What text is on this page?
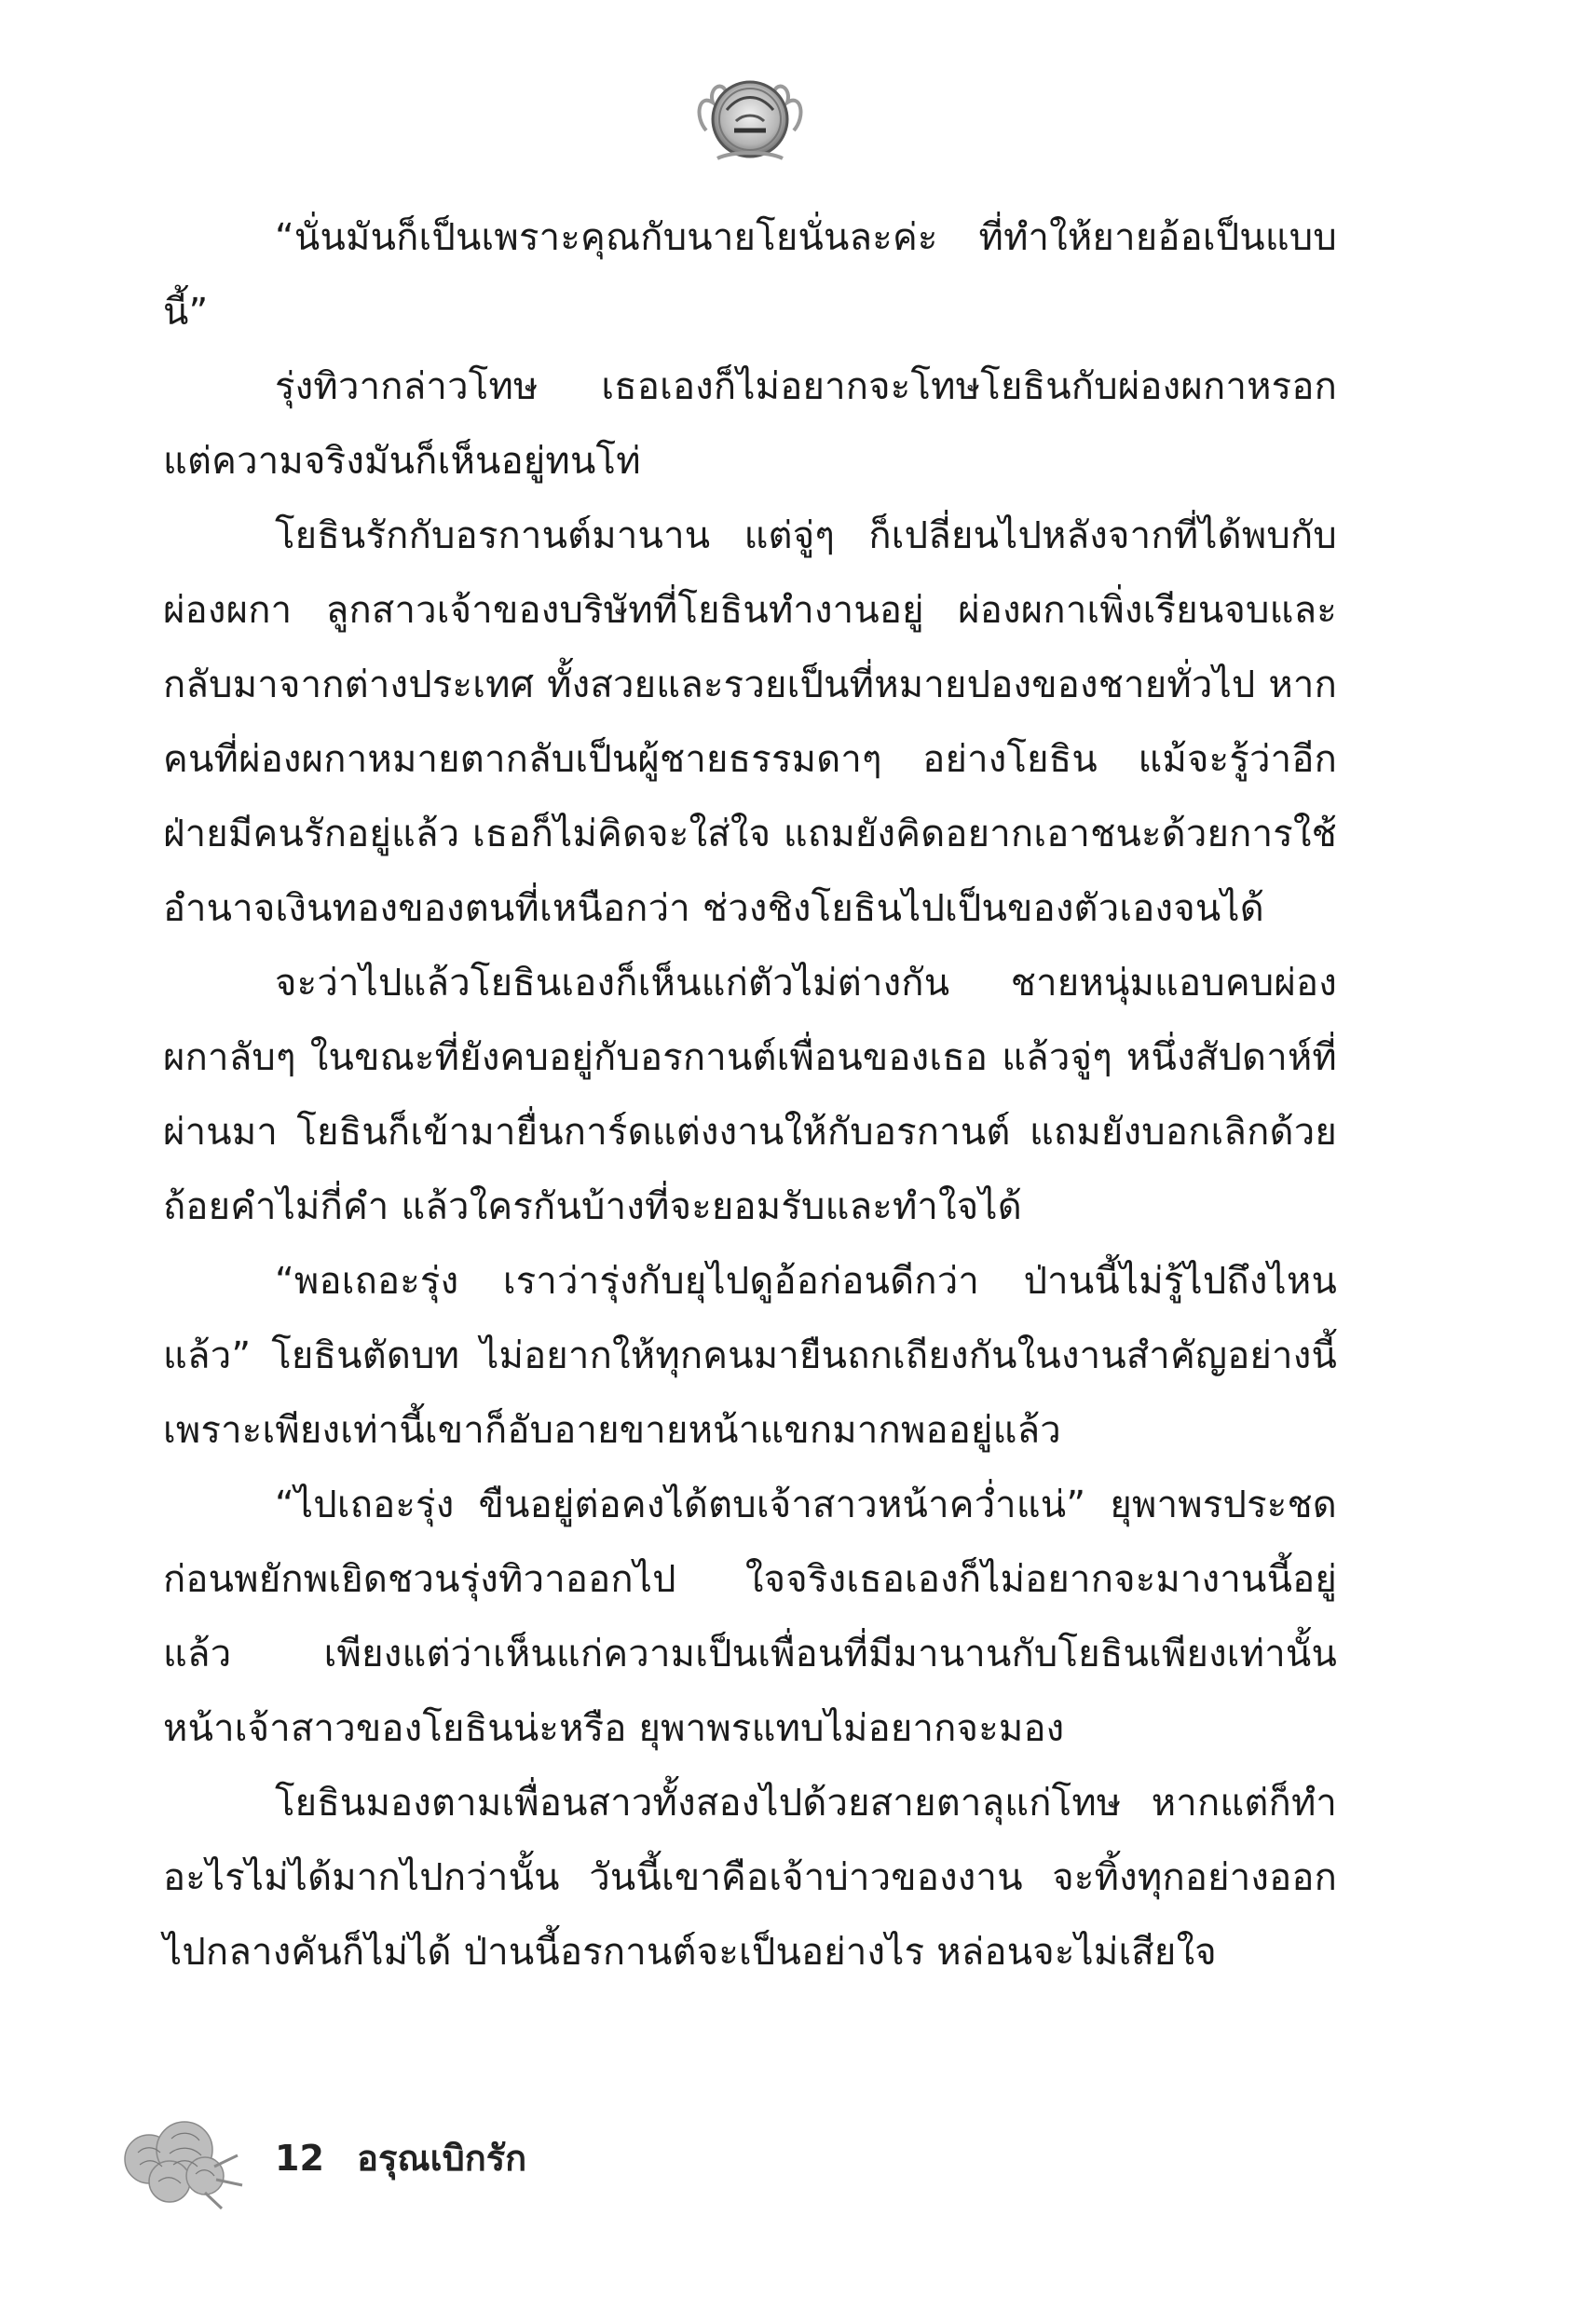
“นั่นมันก็เป็นเพราะคุณกับนายโยนั่นละค่ะ ที่ทำให้ยายอ้อเป็นแบบนี้”

รุ่งทิวากล่าวโทษ เธอเองก็ไม่อยากจะโทษโยธินกับผ่องผกาหรอก แต่ความจริงมันก็เห็นอยู่ทนโท่

โยธินรักกับอรกานต์มานาน แต่จู่ๆ ก็เปลี่ยนไปหลังจากที่ได้พบกับผ่องผกา ลูกสาวเจ้าของบริษัทที่โยธินทำงานอยู่ ผ่องผกาเพิ่งเรียนจบและกลับมาจากต่างประเทศ ทั้งสวยและรวยเป็นที่หมายปองของชายทั่วไป หากคนที่ผ่องผกาหมายตากลับเป็นผู้ชายธรรมดาๆ อย่างโยธิน แม้จะรู้ว่าอีกฝ่ายมีคนรักอยู่แล้ว เธอก็ไม่คิดจะใส่ใจ แถมยังคิดอยากเอาชนะด้วยการใช้อำนาจเงินทองของตนที่เหนือกว่า ช่วงชิงโยธินไปเป็นของตัวเองจนได้

จะว่าไปแล้วโยธินเองก็เห็นแก่ตัวไม่ต่างกัน ชายหนุ่มแอบคบผ่องผกาลับๆ ในขณะที่ยังคบอยู่กับอรกานต์เพื่อนของเธอ แล้วจู่ๆ หนึ่งสัปดาห์ที่ผ่านมา โยธินก็เข้ามายื่นการ์ดแต่งงานให้กับอรกานต์ แถมยังบอกเลิกด้วยถ้อยคำไม่กี่คำ แล้วใครกันบ้างที่จะยอมรับและทำใจได้

“พอเถอะรุ่ง เราว่ารุ่งกับยุไปดูอ้อก่อนดีกว่า ป่านนี้ไม่รู้ไปถึงไหนแล้ว” โยธินตัดบท ไม่อยากให้ทุกคนมายืนถกเถียงกันในงานสำคัญอย่างนี้ เพราะเพียงเท่านี้เขาก็อับอายขายหน้าแขกมากพออยู่แล้ว

“ไปเถอะรุ่ง ขืนอยู่ต่อคงได้ตบเจ้าสาวหน้าคว่ำแน่” ยุพาพรประชดก่อนพยักพเยิดชวนรุ่งทิวาออกไป ใจจริงเธอเองก็ไม่อยากจะมางานนี้อยู่แล้ว เพียงแต่ว่าเห็นแก่ความเป็นเพื่อนที่มีมานานกับโยธินเพียงเท่านั้น หน้าเจ้าสาวของโยธินน่ะหรือ ยุพาพรแทบไม่อยากจะมอง

โยธินมองตามเพื่อนสาวทั้งสองไปด้วยสายตาลุแก่โทษ หากแต่ก็ทำอะไรไม่ได้มากไปกว่านั้น วันนี้เขาคือเจ้าบ่าวของงาน จะทิ้งทุกอย่างออกไปกลางคันก็ไม่ได้ ป่านนี้อรกานต์จะเป็นอย่างไร หล่อนจะไม่เสียใจ

12 อรุณเบิกรัก
